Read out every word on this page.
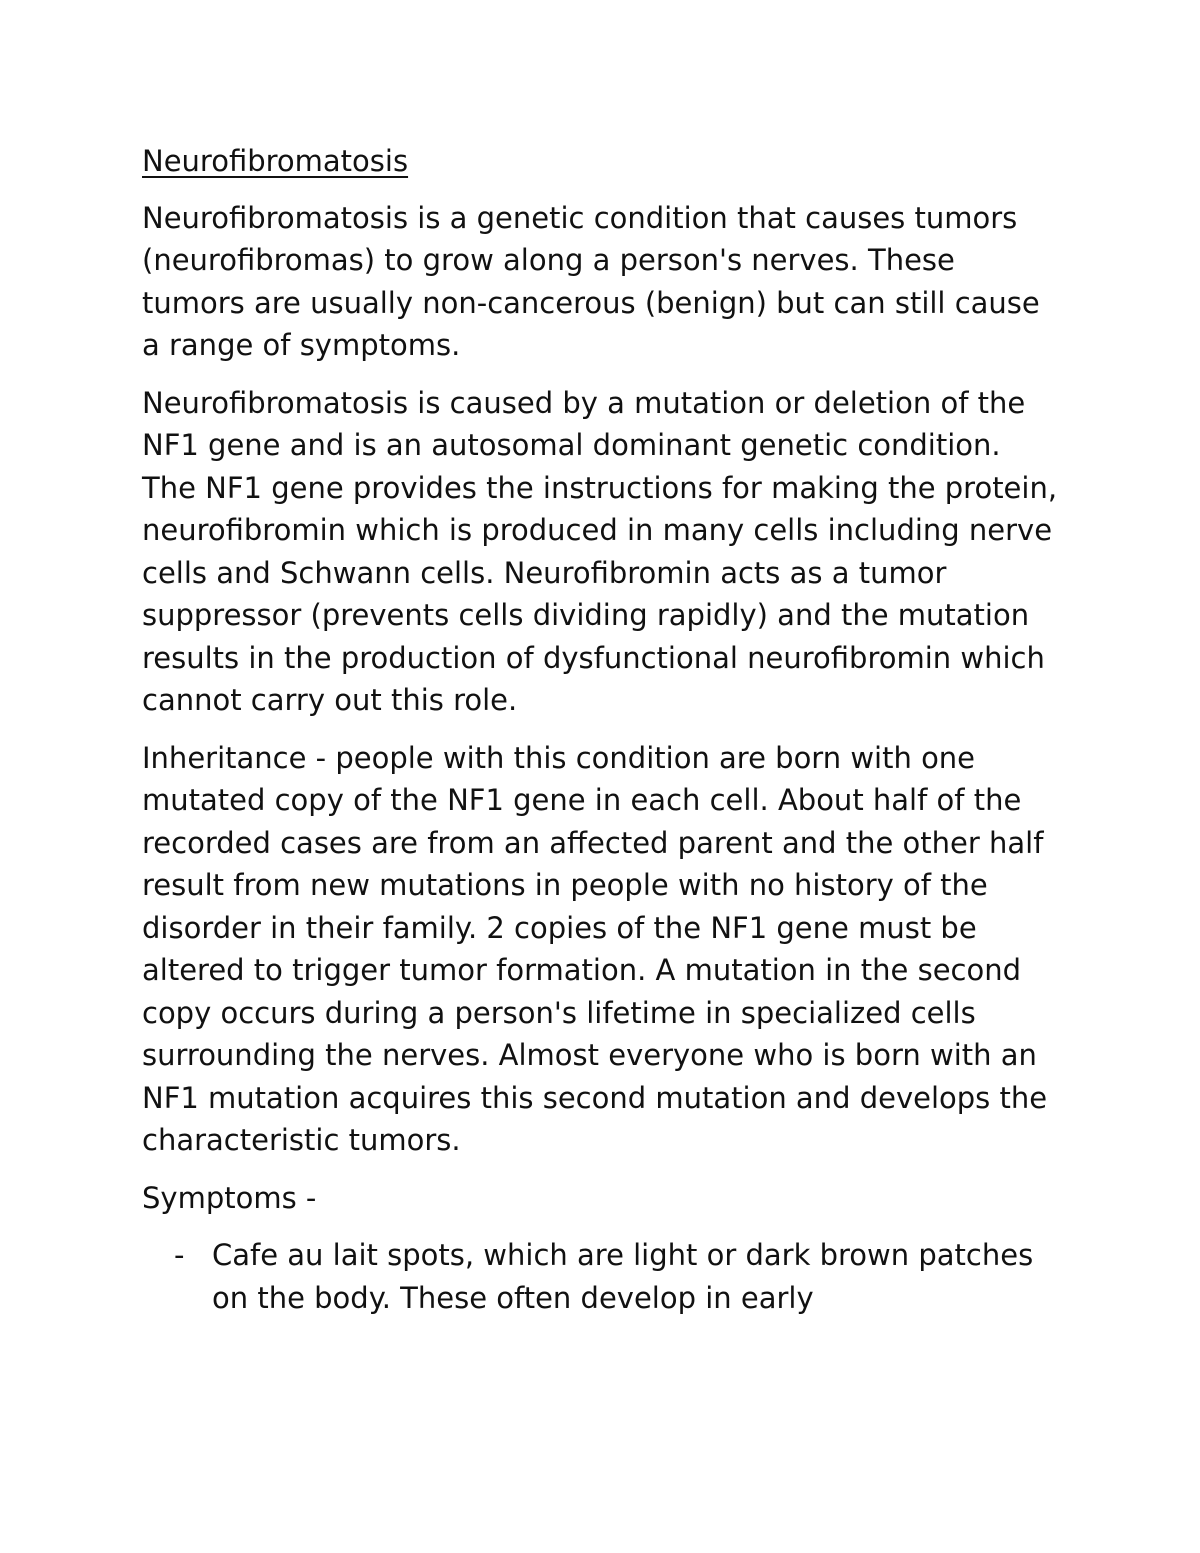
Neurofibromatosis

Neurofibromatosis is a genetic condition that causes tumors (neurofibromas) to grow along a person's nerves. These tumors are usually non-cancerous (benign) but can still cause a range of symptoms.

Neurofibromatosis is caused by a mutation or deletion of the NF1 gene and is an autosomal dominant genetic condition. The NF1 gene provides the instructions for making the protein, neurofibromin which is produced in many cells including nerve cells and Schwann cells. Neurofibromin acts as a tumor suppressor (prevents cells dividing rapidly) and the mutation results in the production of dysfunctional neurofibromin which cannot carry out this role.

Inheritance - people with this condition are born with one mutated copy of the NF1 gene in each cell. About half of the recorded cases are from an affected parent and the other half result from new mutations in people with no history of the disorder in their family. 2 copies of the NF1 gene must be altered to trigger tumor formation. A mutation in the second copy occurs during a person's lifetime in specialized cells surrounding the nerves. Almost everyone who is born with an NF1 mutation acquires this second mutation and develops the characteristic tumors.

Symptoms -

- Cafe au lait spots, which are light or dark brown patches on the body. These often develop in early
